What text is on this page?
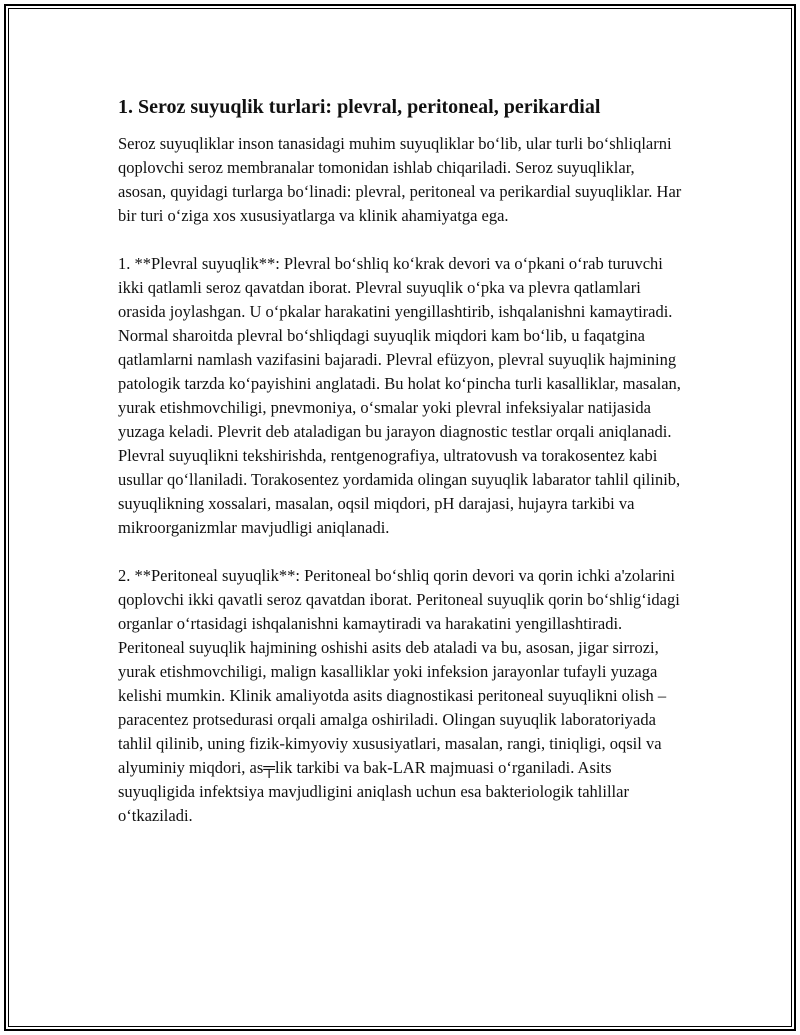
1. Seroz suyuqlik turlari: plevral, peritoneal, perikardial

Seroz suyuqliklar inson tanasidagi muhim suyuqliklar bo‘lib, ular turli bo‘shliqlarni qoplovchi seroz membranalar tomonidan ishlab chiqariladi. Seroz suyuqliklar, asosan, quyidagi turlarga bo‘linadi: plevral, peritoneal va perikardial suyuqliklar. Har bir turi o‘ziga xos xususiyatlarga va klinik ahamiyatga ega.

1. **Plevral suyuqlik**: Plevral bo‘shliq ko‘krak devori va o‘pkani o‘rab turuvchi ikki qatlamli seroz qavatdan iborat. Plevral suyuqlik o‘pka va plevra qatlamlari orasida joylashgan. U o‘pkalar harakatini yengillashtirib, ishqalanishni kamaytiradi. Normal sharoitda plevral bo‘shliqdagi suyuqlik miqdori kam bo‘lib, u faqatgina qatlamlarni namlash vazifasini bajaradi. Plevral efüzyon, plevral suyuqlik hajmining patologik tarzda ko‘payishini anglatadi. Bu holat ko‘pincha turli kasalliklar, masalan, yurak etishmovchiligi, pnevmoniya, o‘smalar yoki plevral infeksiyalar natijasida yuzaga keladi. Plevrit deb ataladigan bu jarayon diagnostic testlar orqali aniqlanadi. Plevral suyuqlikni tekshirishda, rentgenografiya, ultratovush va torakosentez kabi usullar qo‘llaniladi. Torakosentez yordamida olingan suyuqlik labarator tahlil qilinib, suyuqlikning xossalari, masalan, oqsil miqdori, pH darajasi, hujayra tarkibi va mikroorganizmlar mavjudligi aniqlanadi.

2. **Peritoneal suyuqlik**: Peritoneal bo‘shliq qorin devori va qorin ichki a'zolarini qoplovchi ikki qavatli seroz qavatdan iborat. Peritoneal suyuqlik qorin bo‘shlig‘idagi organlar o‘rtasidagi ishqalanishni kamaytiradi va harakatini yengillashtiradi. Peritoneal suyuqlik hajmining oshishi asits deb ataladi va bu, asosan, jigar sirrozi, yurak etishmovchiligi, malign kasalliklar yoki infeksion jarayonlar tufayli yuzaga kelishi mumkin. Klinik amaliyotda asits diagnostikasi peritoneal suyuqlikni olish – paracentez protsedurasi orqali amalga oshiriladi. Olingan suyuqlik laboratoriyada tahlil qilinib, uning fizik-kimyoviy xususiyatlari, masalan, rangi, tiniqligi, oqsil va alyuminiy miqdori, as╤lik tarkibi va bak-LAR majmuasi o‘rganiladi. Asits suyuqligida infektsiya mavjudligini aniqlash uchun esa bakteriologik tahlillar o‘tkaziladi.
